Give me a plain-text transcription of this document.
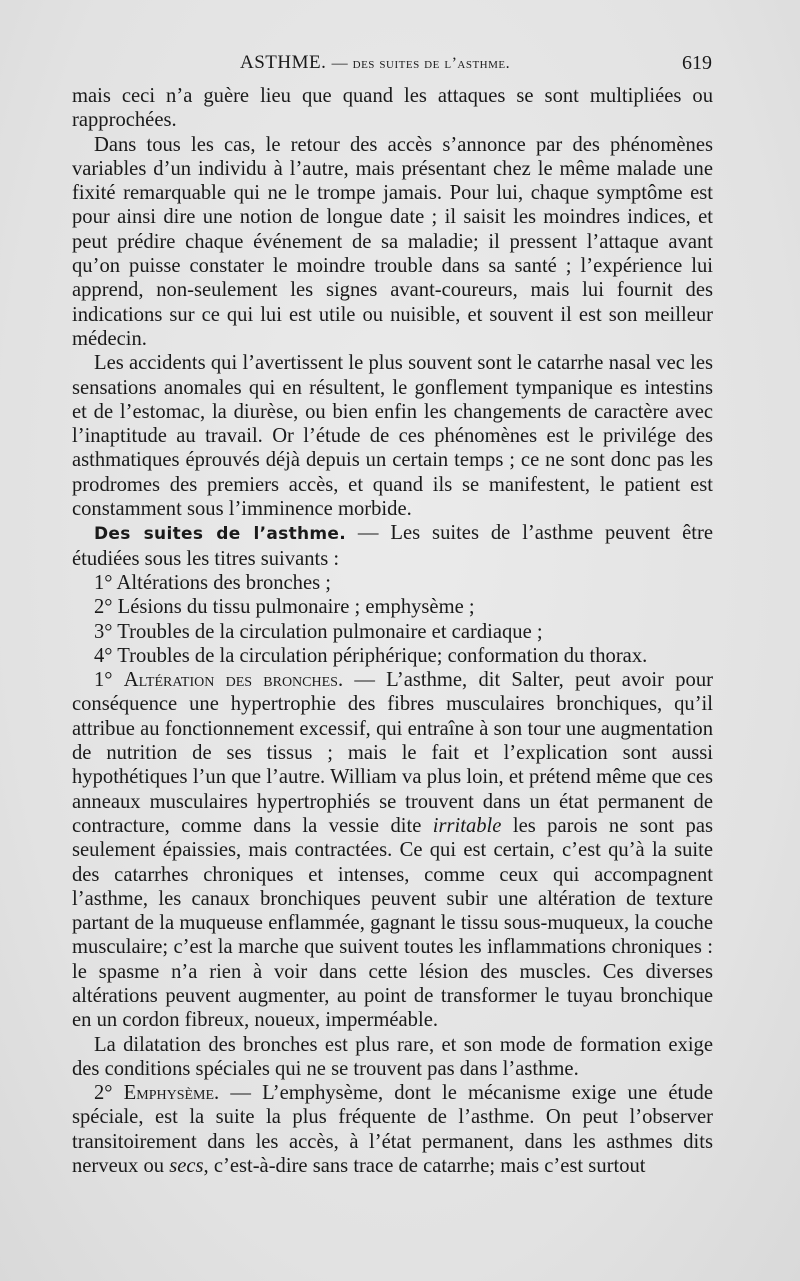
ASTHME. — des suites de l’asthme.	619

mais ceci n’a guère lieu que quand les attaques se sont multipliées ou rapprochées.

Dans tous les cas, le retour des accès s’annonce par des phénomènes variables d’un individu à l’autre, mais présentant chez le même malade une fixité remarquable qui ne le trompe jamais. Pour lui, chaque symptôme est pour ainsi dire une notion de longue date ; il saisit les moindres indices, et peut prédire chaque événement de sa maladie; il pressent l’attaque avant qu’on puisse constater le moindre trouble dans sa santé ; l’expérience lui apprend, non-seulement les signes avant-coureurs, mais lui fournit des indications sur ce qui lui est utile ou nuisible, et souvent il est son meilleur médecin.

Les accidents qui l’avertissent le plus souvent sont le catarrhe nasal vec les sensations anomales qui en résultent, le gonflement tympanique es intestins et de l’estomac, la diurèse, ou bien enfin les changements de caractère avec l’inaptitude au travail. Or l’étude de ces phénomènes est le privilége des asthmatiques éprouvés déjà depuis un certain temps ; ce ne sont donc pas les prodromes des premiers accès, et quand ils se manifestent, le patient est constamment sous l’imminence morbide.

Des suites de l’asthme. — Les suites de l’asthme peuvent être étudiées sous les titres suivants :

1° Altérations des bronches ;

2° Lésions du tissu pulmonaire ; emphysème ;

3° Troubles de la circulation pulmonaire et cardiaque ;

4° Troubles de la circulation périphérique; conformation du thorax.

1° Altération des bronches. — L’asthme, dit Salter, peut avoir pour conséquence une hypertrophie des fibres musculaires bronchiques, qu’il attribue au fonctionnement excessif, qui entraîne à son tour une augmentation de nutrition de ses tissus ; mais le fait et l’explication sont aussi hypothétiques l’un que l’autre. William va plus loin, et prétend même que ces anneaux musculaires hypertrophiés se trouvent dans un état permanent de contracture, comme dans la vessie dite irritable les parois ne sont pas seulement épaissies, mais contractées. Ce qui est certain, c’est qu’à la suite des catarrhes chroniques et intenses, comme ceux qui accompagnent l’asthme, les canaux bronchiques peuvent subir une altération de texture partant de la muqueuse enflammée, gagnant le tissu sous-muqueux, la couche musculaire; c’est la marche que suivent toutes les inflammations chroniques : le spasme n’a rien à voir dans cette lésion des muscles. Ces diverses altérations peuvent augmenter, au point de transformer le tuyau bronchique en un cordon fibreux, noueux, imperméable.

La dilatation des bronches est plus rare, et son mode de formation exige des conditions spéciales qui ne se trouvent pas dans l’asthme.

2° Emphysème. — L’emphysème, dont le mécanisme exige une étude spéciale, est la suite la plus fréquente de l’asthme. On peut l’observer transitoirement dans les accès, à l’état permanent, dans les asthmes dits nerveux ou secs, c’est-à-dire sans trace de catarrhe; mais c’est surtout
